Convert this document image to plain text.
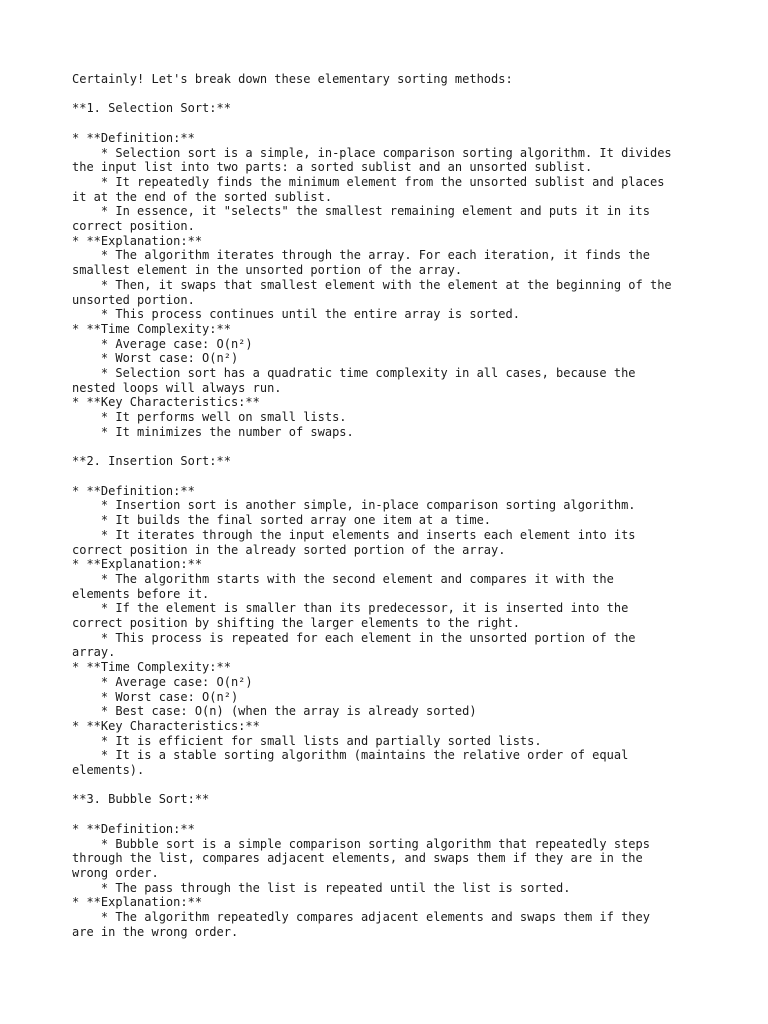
Certainly! Let's break down these elementary sorting methods:

**1. Selection Sort:**

* **Definition:**
* Selection sort is a simple, in-place comparison sorting algorithm. It divides
the input list into two parts: a sorted sublist and an unsorted sublist.
* It repeatedly finds the minimum element from the unsorted sublist and places
it at the end of the sorted sublist.
* In essence, it "selects" the smallest remaining element and puts it in its
correct position.
* **Explanation:**
* The algorithm iterates through the array. For each iteration, it finds the
smallest element in the unsorted portion of the array.
* Then, it swaps that smallest element with the element at the beginning of the
unsorted portion.
* This process continues until the entire array is sorted.
* **Time Complexity:**
* Average case: O(n²)
* Worst case: O(n²)
* Selection sort has a quadratic time complexity in all cases, because the
nested loops will always run.
* **Key Characteristics:**
* It performs well on small lists.
* It minimizes the number of swaps.

**2. Insertion Sort:**

* **Definition:**
* Insertion sort is another simple, in-place comparison sorting algorithm.
* It builds the final sorted array one item at a time.
* It iterates through the input elements and inserts each element into its
correct position in the already sorted portion of the array.
* **Explanation:**
* The algorithm starts with the second element and compares it with the
elements before it.
* If the element is smaller than its predecessor, it is inserted into the
correct position by shifting the larger elements to the right.
* This process is repeated for each element in the unsorted portion of the
array.
* **Time Complexity:**
* Average case: O(n²)
* Worst case: O(n²)
* Best case: O(n) (when the array is already sorted)
* **Key Characteristics:**
* It is efficient for small lists and partially sorted lists.
* It is a stable sorting algorithm (maintains the relative order of equal
elements).

**3. Bubble Sort:**

* **Definition:**
* Bubble sort is a simple comparison sorting algorithm that repeatedly steps
through the list, compares adjacent elements, and swaps them if they are in the
wrong order.
* The pass through the list is repeated until the list is sorted.
* **Explanation:**
* The algorithm repeatedly compares adjacent elements and swaps them if they
are in the wrong order.
